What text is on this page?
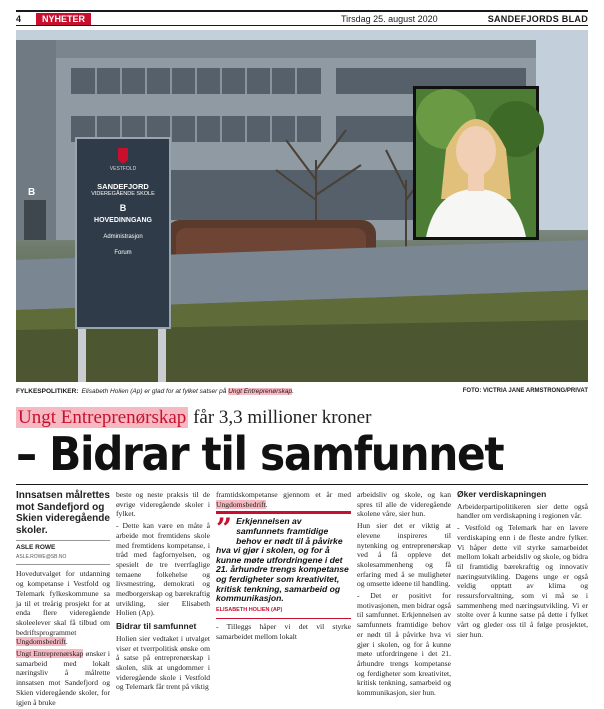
4	NYHETER	Tirsdag 25. august 2020	SANDEFJORDS BLAD
B
VESTFOLD
SANDEFJORD
VIDEREGÅENDE SKOLE
B
HOVEDINNGANG
Administrasjon
Forum
FYLKESPOLITIKER: Elisabeth Holien (Ap) er glad for at fylket satser på
Ungt Entreprenørskap .	FOTO: VICTRIA JANE ARMSTRONG/PRIVAT
Ungt Entreprenørskap får 3,3 millioner kroner
– Bidrar til samfunnet
Innsatsen målrettes mot Sandefjord og Skien videregående skoler.
ASLE ROWE
ASLE.ROWE@SB.NO

Hovedutvalget for utdanning og kompetanse i Vestfold og Telemark fylkeskommune sa ja til et treårig prosjekt for at enda flere videregående skoleelever skal få tilbud om bedriftsprogrammet Ungdomsbedrift.

Ungt Entreprenørskap ønsker i samarbeid med lokalt næringsliv å målrette innsatsen mot Sandefjord og Skien videregående skoler, for igjen å bruke

beste og neste praksis til de øvrige videregående skoler i fylket.

- Dette kan være en måte å arbeide mot fremtidens skole med fremtidens kompetanse, i tråd med fagfornyelsen, og spesielt de tre tverrfaglige temaene folkehelse og livsmestring, demokrati og medborgerskap og bærekraftig utvikling, sier Elisabeth Holien (Ap).

Bidrar til samfunnet

Holien sier vedtaket i utvalget viser et tverrpolitisk ønske om å satse på entreprenørskap i skolen, slik at ungdommer i videregående skole i Vestfold og Telemark får trent på viktig

framtidskompetanse gjennom et år med Ungdomsbedrift.

” Erkjennelsen av samfunnets framtidige behov er nødt til å påvirke hva vi gjør i skolen, og for å kunne møte utfordringene i det 21. århundre trengs kompetanse og ferdigheter som kreativitet, kritisk tenkning, samarbeid og kommunikasjon.
ELISABETH HOLIEN (AP)

- Tilleggs håper vi det vil styrke samarbeidet mellom lokalt

arbeidsliv og skole, og kan spres til alle de videregående skolene våre, sier hun.

Hun sier det er viktig at elevene inspireres til nytenking og entreprenørskap ved å få oppleve det skolesammenheng og få erfaring med å se muligheter og omsette ideene til handling.

- Det er positivt for motivasjonen, men bidrar også til samfunnet. Erkjennelsen av samfunnets framtidige behov er nødt til å påvirke hva vi gjør i skolen, og for å kunne møte utfordringene i det 21. århundre trengs kompetanse og ferdigheter som kreativitet, kritisk tenkning, samarbeid og kommunikasjon, sier hun.

Øker verdiskapningen

Arbeiderpartipolitikeren sier dette også handler om verdiskapning i regionen vår.

- Vestfold og Telemark har en lavere verdiskaping enn i de fleste andre fylker. Vi håper dette vil styrke samarbeidet mellom lokalt arbeidsliv og skole, og bidra til framtidig bærekraftig og innovativ næringsutvikling. Dagens unge er også veldig opptatt av klima og ressursforvaltning, som vi må se i sammenheng med næringsutvikling. Vi er stolte over å kunne satse på dette i fylket vårt og gleder oss til å følge prosjektet, sier hun.
